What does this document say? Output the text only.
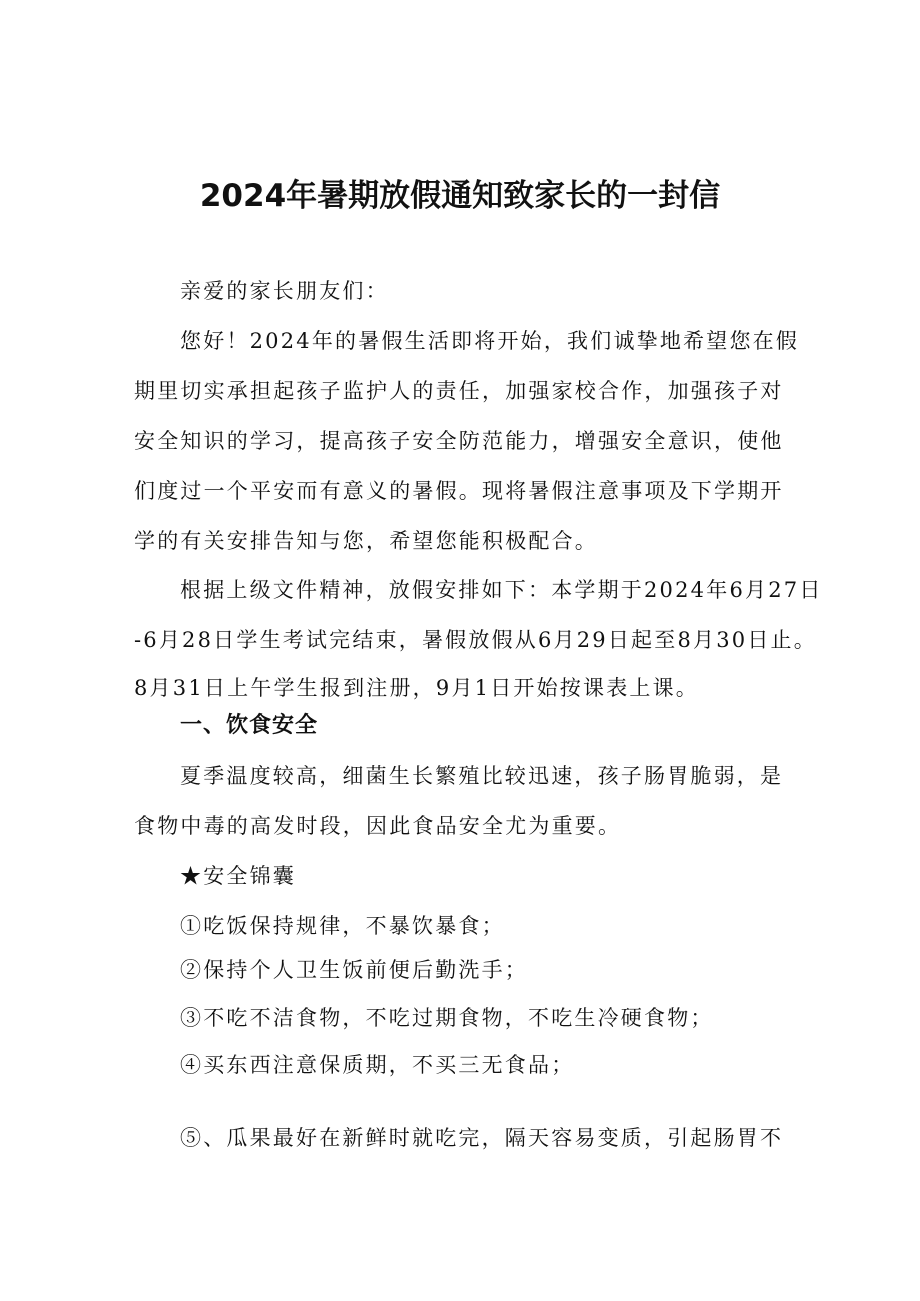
2024年暑期放假通知致家长的一封信
亲爱的家长朋友们：
您好！2024年的暑假生活即将开始，我们诚挚地希望您在假
期里切实承担起孩子监护人的责任，加强家校合作，加强孩子对
安全知识的学习，提高孩子安全防范能力，增强安全意识，使他
们度过一个平安而有意义的暑假。现将暑假注意事项及下学期开
学的有关安排告知与您，希望您能积极配合。
根据上级文件精神，放假安排如下：本学期于2024年6月27日
-6月28日学生考试完结束，暑假放假从6月29日起至8月30日止。
8月31日上午学生报到注册，9月1日开始按课表上课。
一、饮食安全
夏季温度较高，细菌生长繁殖比较迅速，孩子肠胃脆弱，是
食物中毒的高发时段，因此食品安全尤为重要。
★安全锦囊
①吃饭保持规律，不暴饮暴食；
②保持个人卫生饭前便后勤洗手；
③不吃不洁食物，不吃过期食物，不吃生冷硬食物；
④买东西注意保质期，不买三无食品；
⑤、瓜果最好在新鲜时就吃完，隔天容易变质，引起肠胃不
